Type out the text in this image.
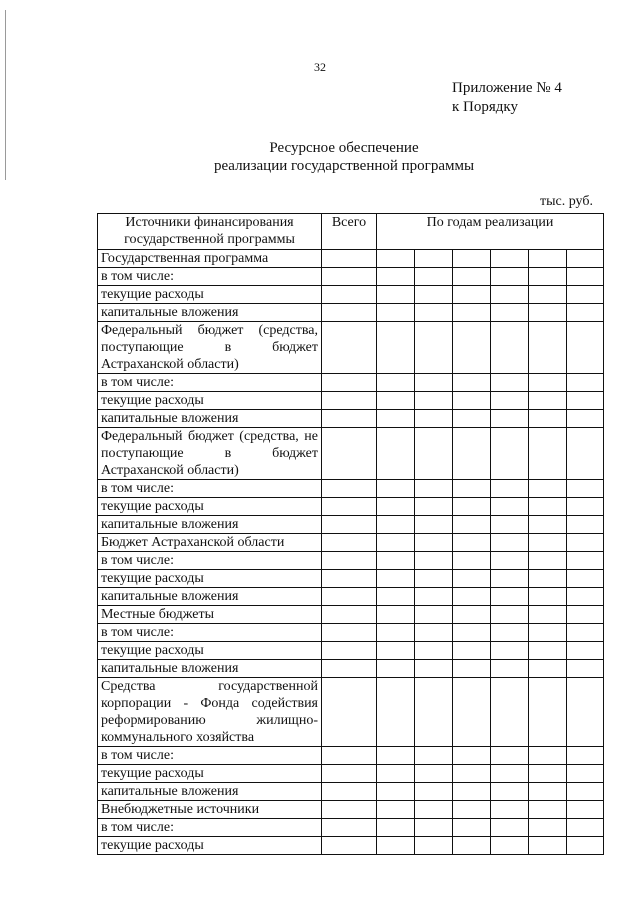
32
Приложение № 4
к Порядку
Ресурсное обеспечение
реализации государственной программы
тыс. руб.
Источники финансирования государственной программы	Всего	По годам реализации					
Государственная программа							
в том числе:							
текущие расходы							
капитальные вложения							
Федеральный бюджет (средства, поступающие в бюджет Астраханской области)							
в том числе:							
текущие расходы							
капитальные вложения							
Федеральный бюджет (средства, не поступающие в бюджет Астраханской области)							
в том числе:							
текущие расходы							
капитальные вложения							
Бюджет Астраханской области							
в том числе:							
текущие расходы							
капитальные вложения							
Местные бюджеты							
в том числе:							
текущие расходы							
капитальные вложения							
Средства государственной корпорации - Фонда содействия реформированию жилищно-коммунального хозяйства							
в том числе:							
текущие расходы							
капитальные вложения							
Внебюджетные источники							
в том числе:							
текущие расходы							
